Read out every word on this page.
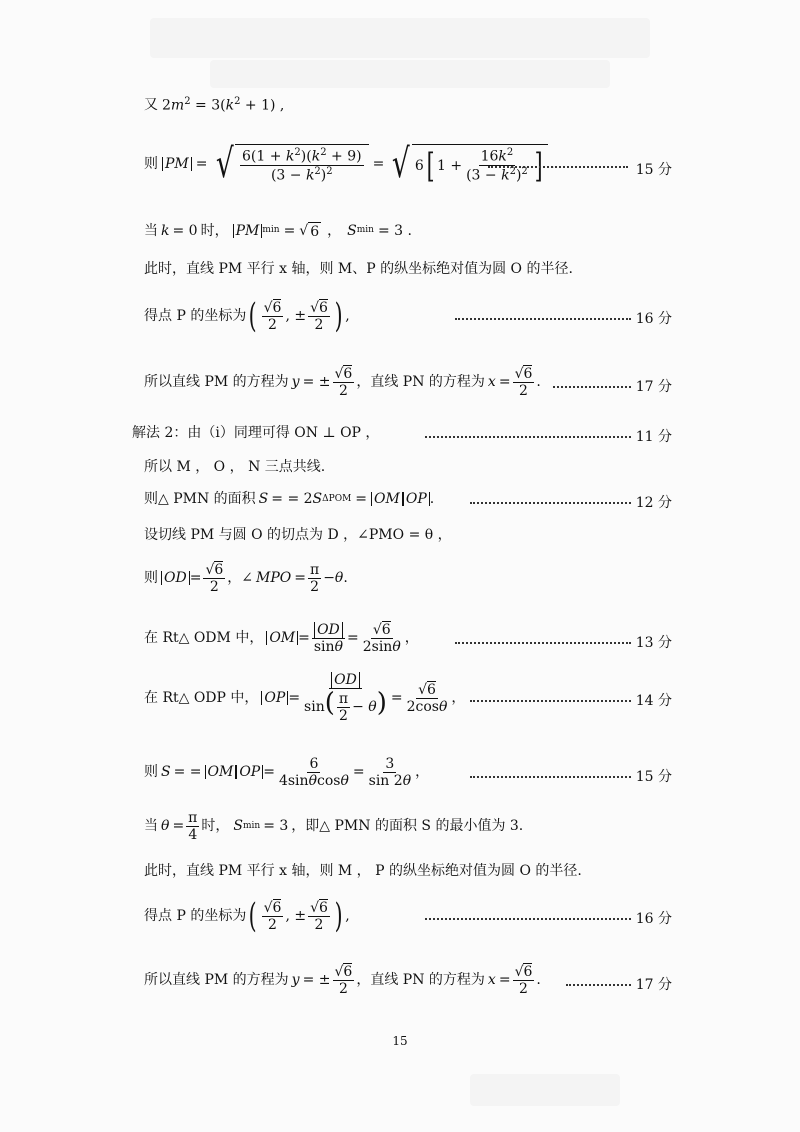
又 $2m^2 = 3(k^2 + 1)$ ,
则 PM = √ $\frac{6(1 + k^2)(k^2 + 9)}{(3 - k^2)^2}$ = √ 6 [ $1 + \frac{16k^2}{(3 - k^2)^2}$ ] .	15 分
当 k = 0 时， PM min = √ 6 ， S min = 3 .
此时，直线 PM 平行 x 轴，则 M、P 的纵坐标绝对值为圆 O 的半径.
得点 P 的坐标为 ( $\frac{√6}{2}$ , ± $\frac{√6}{2}$ ) ,	16 分
所以直线 PM 的方程为 y = ± $\frac{√6}{2}$ ，直线 PN 的方程为 $x = \frac{√6}{2}$ .	17 分
解法 2：由（ⅰ）同理可得 ON ⊥ OP ，	11 分
所以 M ， O ， N 三点共线.
则△ PMN 的面积 S = = 2 S ΔPOM = OM OP .	12 分
设切线 PM 与圆 O 的切点为 D ，∠PMO = θ ，
则 OD = $\frac{√6}{2}$ ，∠ MPO = $\frac{\pi}{2} - \theta$ .
在 Rt△ ODM 中， OM = $\frac{OD}{\sin\theta} = \frac{√6}{2\sin\theta}$ ，	13 分
在 Rt△ ODP 中， OP = $\frac{OD}{\sin( \frac{\pi}{2} - \theta)} = \frac{√6}{2\cos\theta}$ ，	14 分
则 S = = OM OP = $\frac{6}{4\sin\theta\cos\theta} = \frac{3}{\sin 2\theta}$ ，	15 分
当 $\theta = \frac{\pi}{4}$ 时， S min = 3 ，即△ PMN 的面积 S 的最小值为 3.
此时，直线 PM 平行 x 轴，则 M ， P 的纵坐标绝对值为圆 O 的半径.
得点 P 的坐标为 ( $\frac{√6}{2}$ , ± $\frac{√6}{2}$ ) ,	16 分
所以直线 PM 的方程为 y = ± $\frac{√6}{2}$ ，直线 PN 的方程为 $x = \frac{√6}{2}$ .	17 分
15
